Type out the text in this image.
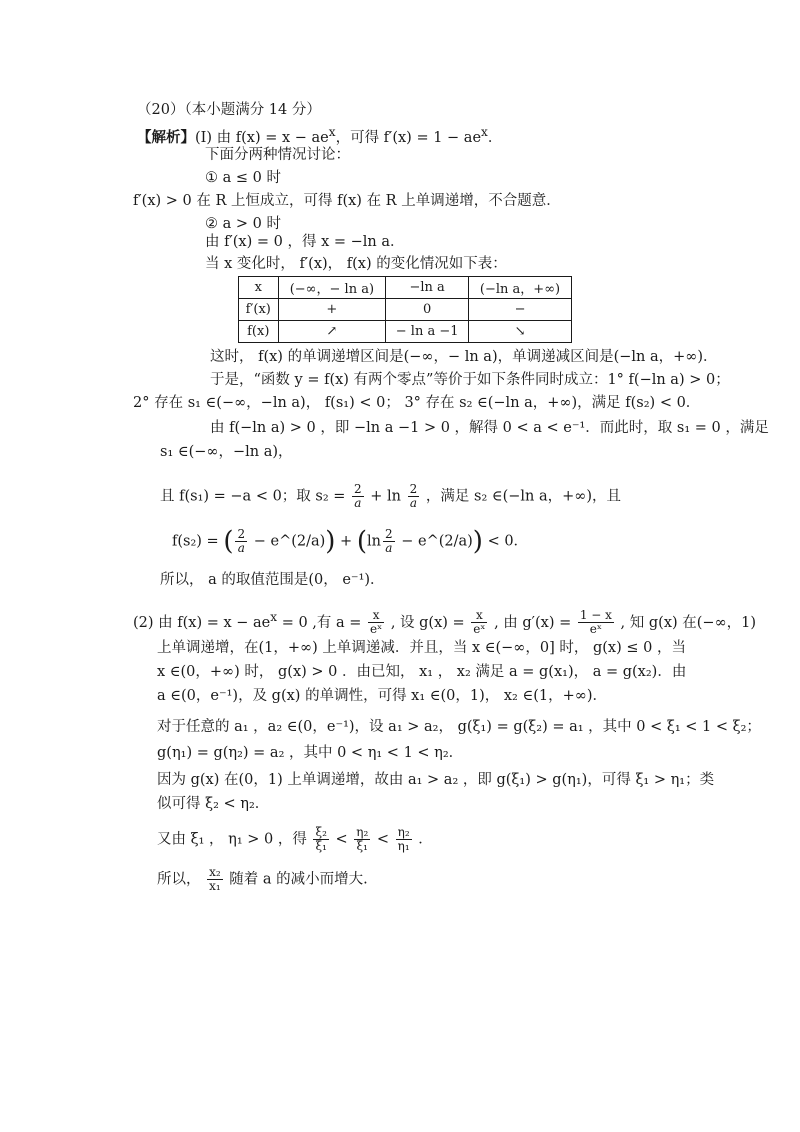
（20）（本小题满分 14 分）
【解析】(I) 由 $f(x) = x - ae^x$，可得 $f'(x) = 1 - ae^x$．
下面分两种情况讨论：
① a ≤ 0 时
f′(x) > 0 在 R 上恒成立，可得 f(x) 在 R 上单调递增，不合题意．
② a > 0 时
由 f′(x) = 0 ，得 x = −ln a．
当 x 变化时， f′(x)， f(x) 的变化情况如下表：
x	(−∞，− ln a)	−ln a	(−ln a，+∞)
f′(x)	+	0	−
f(x)	↗	− ln a −1	↘
这时， f(x) 的单调递增区间是(−∞，− ln a)，单调递减区间是(−ln a，+∞)．
于是，“函数 y = f(x) 有两个零点”等价于如下条件同时成立：1° f(−ln a) > 0；
2° 存在 s₁ ∈(−∞，−ln a)， f(s₁) < 0； 3° 存在 s₂ ∈(−ln a，+∞)，满足 f(s₂) < 0．
由 f(−ln a) > 0 ，即 −ln a −1 > 0 ，解得 0 < a < e⁻¹．而此时，取 s₁ = 0 ，满足
s₁ ∈(−∞，−ln a)，
且 f(s₁) = −a < 0；取 $s_2 = \frac{2}{a} + \ln \frac{2}{a}$ ，满足 s₂ ∈(−ln a，+∞)，且
f(s₂) = ( $\frac{2}{a}$ − e^(2/a)) + ($\ln \frac{2}{a}$ − e^(2/a)) < 0．
所以， a 的取值范围是(0， e⁻¹)．
(2) 由 $f(x) = x - ae^x = 0$ ,有 $a = \frac{x}{\text{eˣ}}$ , 设 $g(x) = \frac{x}{\text{eˣ}}$ , 由 $g'(x) = \frac{1 - x}{\text{eˣ}}$ , 知 g(x) 在(−∞，1)
上单调递增，在(1，+∞) 上单调递减．并且，当 x ∈(−∞，0] 时， g(x) ≤ 0 ，当
x ∈(0，+∞) 时， g(x) > 0 ．由已知， x₁ ， x₂ 满足 a = g(x₁)， a = g(x₂)．由
a ∈(0，e⁻¹)，及 g(x) 的单调性，可得 x₁ ∈(0，1)， x₂ ∈(1，+∞)．
对于任意的 a₁ ，a₂ ∈(0，e⁻¹)，设 a₁ > a₂， g(ξ₁) = g(ξ₂) = a₁ ，其中 0 < ξ₁ < 1 < ξ₂；
g(η₁) = g(η₂) = a₂ ，其中 0 < η₁ < 1 < η₂．
因为 g(x) 在(0，1) 上单调递增，故由 a₁ > a₂ ，即 g(ξ₁) > g(η₁)，可得 ξ₁ > η₁；类
似可得 ξ₂ < η₂．
又由 ξ₁ ， η₁ > 0 ，得 $\frac{\text{ξ₂}}{\text{ξ₁}} < \frac{\text{η₂}}{\text{ξ₁}} < \frac{\text{η₂}}{\text{η₁}}$ ．
所以， $\frac{\text{x₂}}{\text{x₁}}$ 随着 a 的减小而增大.
